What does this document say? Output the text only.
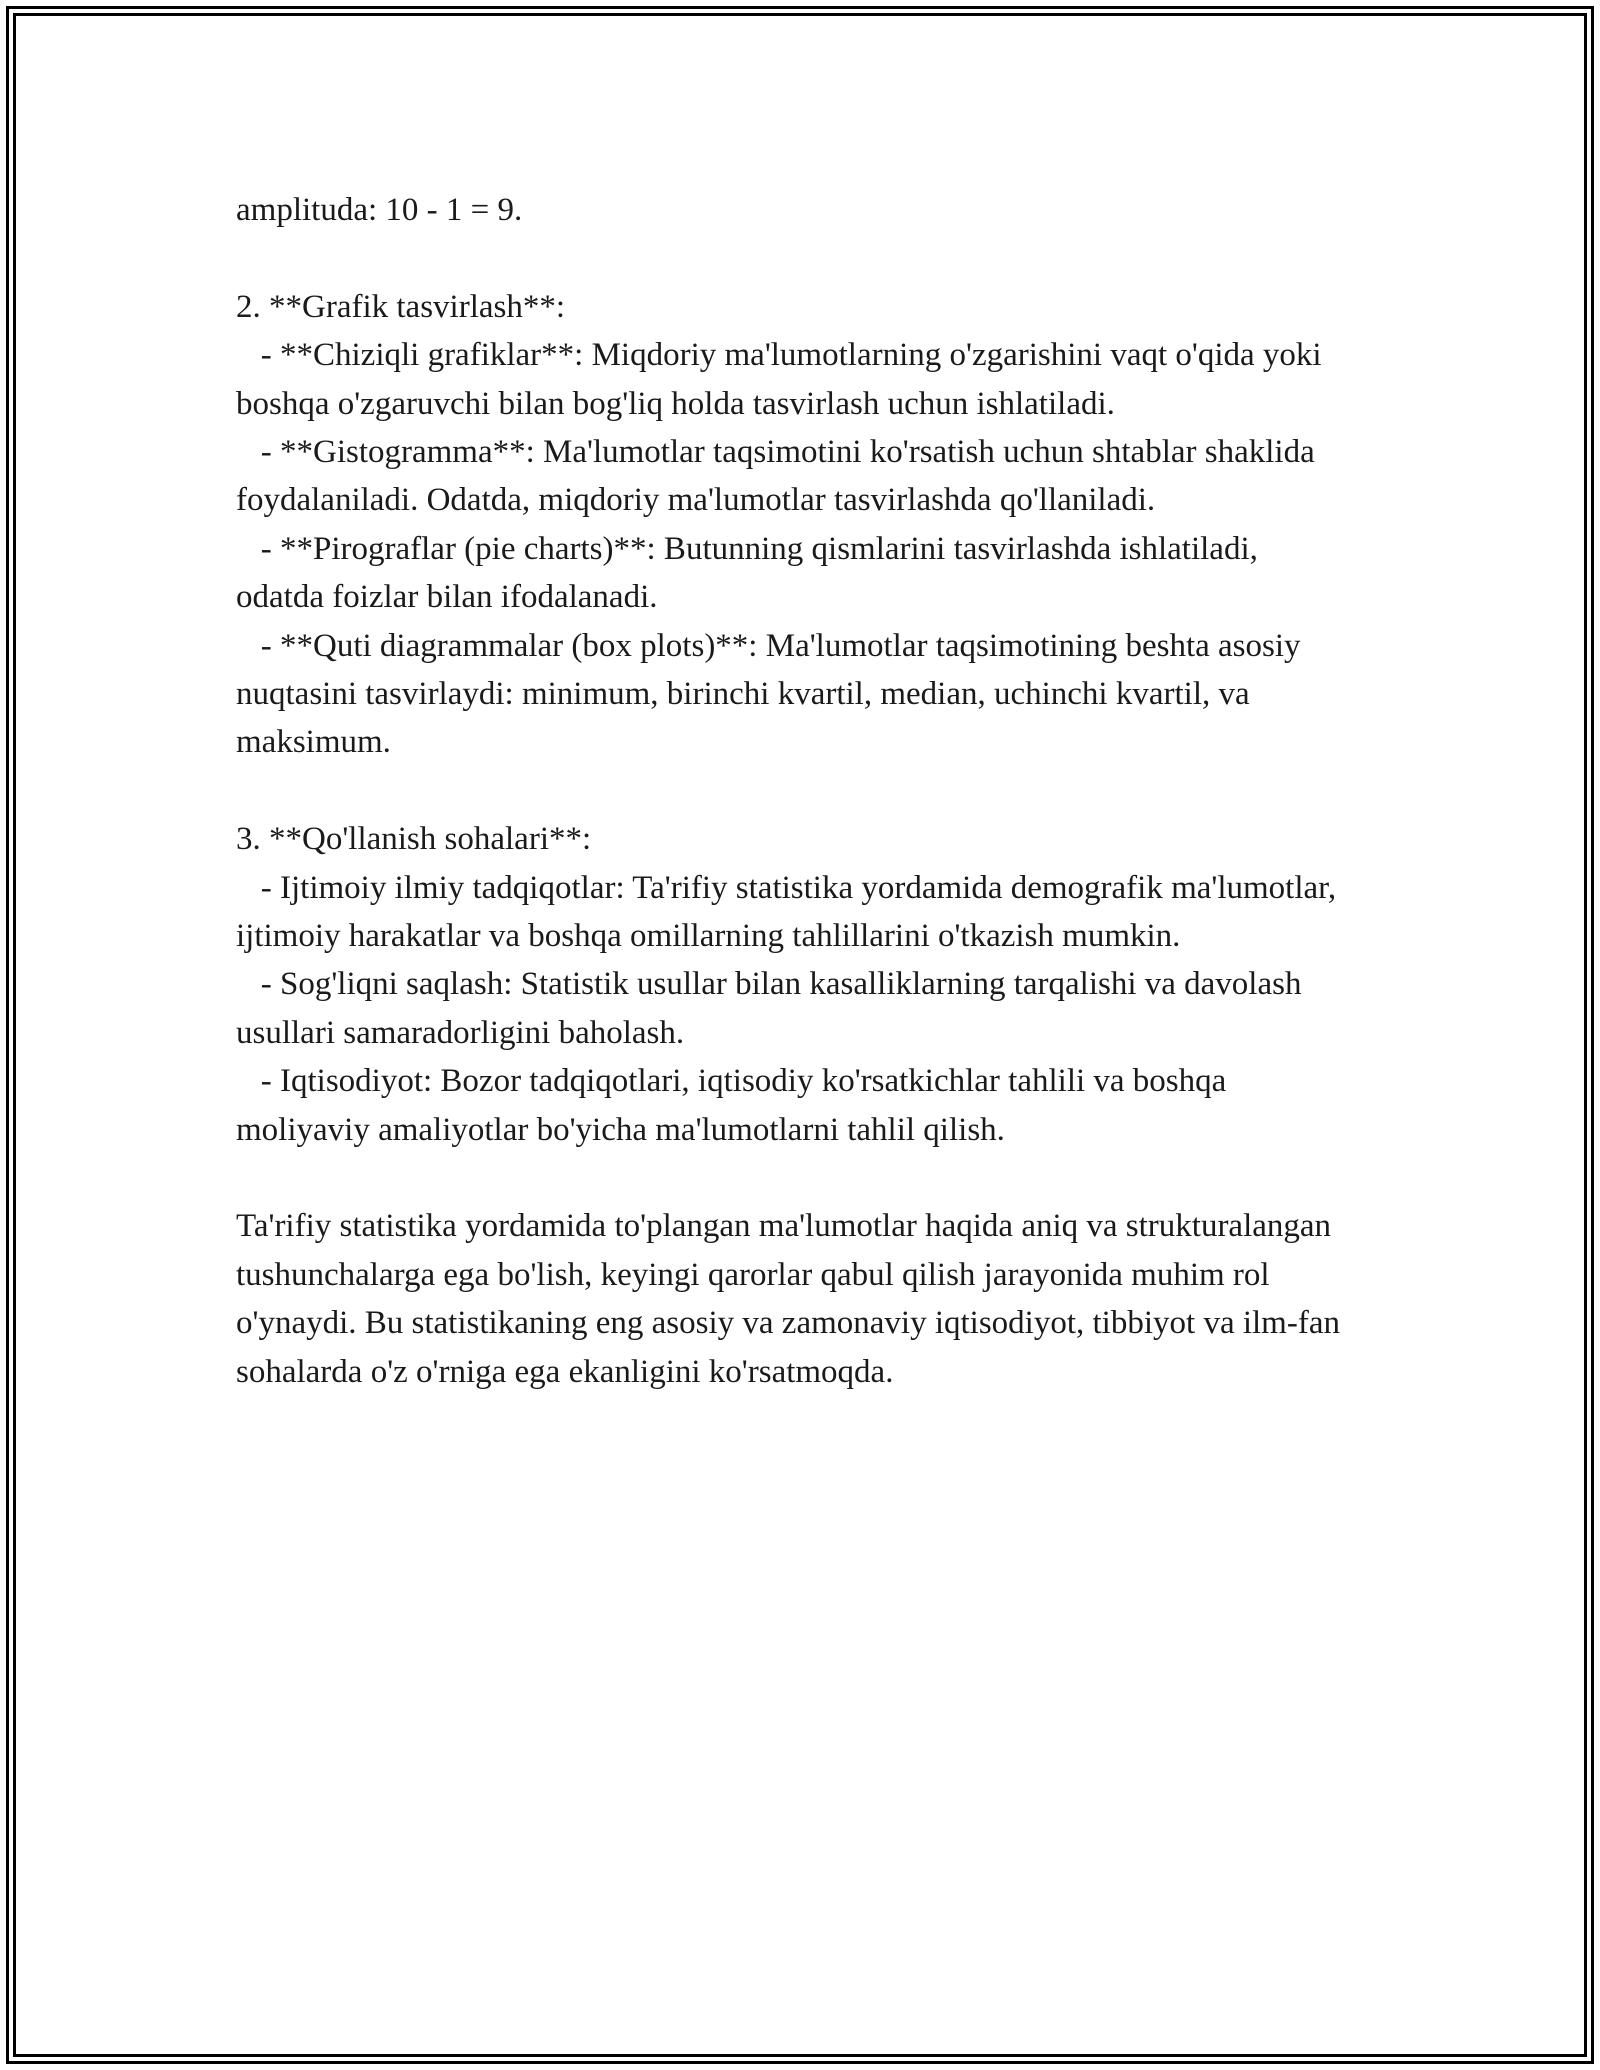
amplituda: 10 - 1 = 9.

2. **Grafik tasvirlash**:

- **Chiziqli grafiklar**: Miqdoriy ma'lumotlarning o'zgarishini vaqt o'qida yoki boshqa o'zgaruvchi bilan bog'liq holda tasvirlash uchun ishlatiladi.

- **Gistogramma**: Ma'lumotlar taqsimotini ko'rsatish uchun shtablar shaklida foydalaniladi. Odatda, miqdoriy ma'lumotlar tasvirlashda qo'llaniladi.

- **Pirograflar (pie charts)**: Butunning qismlarini tasvirlashda ishlatiladi, odatda foizlar bilan ifodalanadi.

- **Quti diagrammalar (box plots)**: Ma'lumotlar taqsimotining beshta asosiy nuqtasini tasvirlaydi: minimum, birinchi kvartil, median, uchinchi kvartil, va maksimum.

3. **Qo'llanish sohalari**:

- Ijtimoiy ilmiy tadqiqotlar: Ta'rifiy statistika yordamida demografik ma'lumotlar, ijtimoiy harakatlar va boshqa omillarning tahlillarini o'tkazish mumkin.

- Sog'liqni saqlash: Statistik usullar bilan kasalliklarning tarqalishi va davolash usullari samaradorligini baholash.

- Iqtisodiyot: Bozor tadqiqotlari, iqtisodiy ko'rsatkichlar tahlili va boshqa moliyaviy amaliyotlar bo'yicha ma'lumotlarni tahlil qilish.

Ta'rifiy statistika yordamida to'plangan ma'lumotlar haqida aniq va strukturalangan tushunchalarga ega bo'lish, keyingi qarorlar qabul qilish jarayonida muhim rol o'ynaydi. Bu statistikaning eng asosiy va zamonaviy iqtisodiyot, tibbiyot va ilm-fan sohalarda o'z o'rniga ega ekanligini ko'rsatmoqda.
